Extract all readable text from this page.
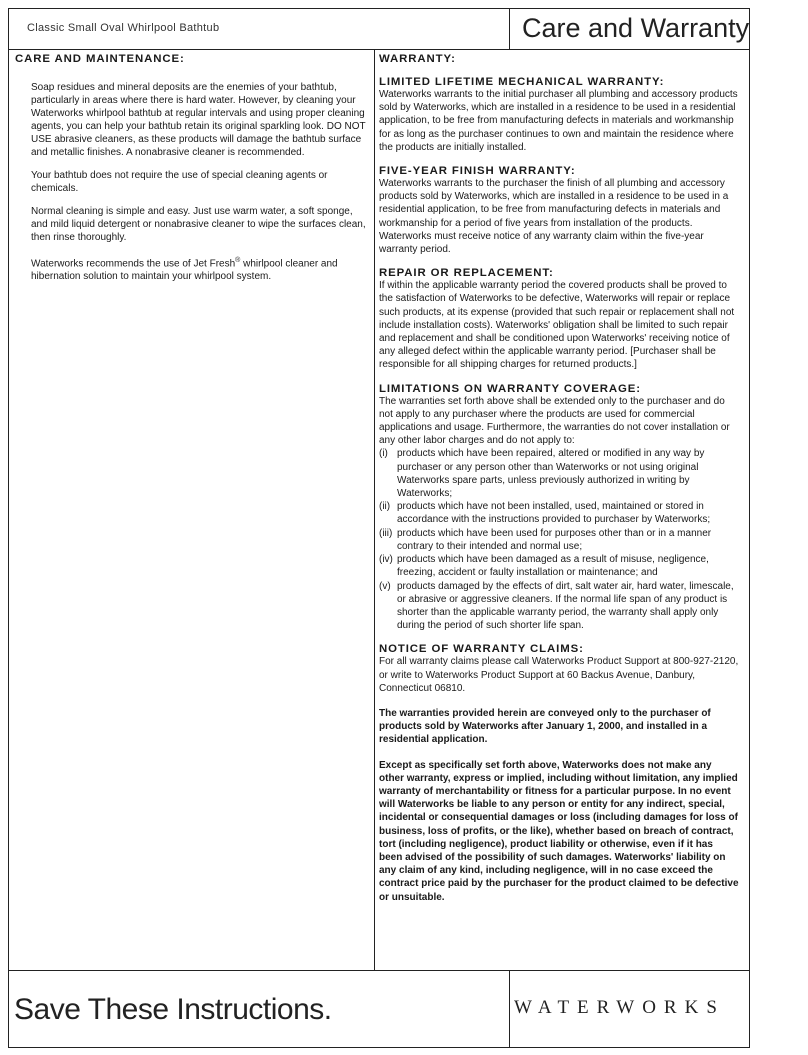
Classic Small Oval Whirlpool Bathtub	Care and Warranty
CARE AND MAINTENANCE:

Soap residues and mineral deposits are the enemies of your bathtub, particularly in areas where there is hard water. However, by cleaning your Waterworks whirlpool bathtub at regular intervals and using proper cleaning agents, you can help your bathtub retain its original sparkling look. DO NOT USE abrasive cleaners, as these products will damage the bathtub surface and metallic finishes. A nonabrasive cleaner is recommended.

Your bathtub does not require the use of special cleaning agents or chemicals.

Normal cleaning is simple and easy. Just use warm water, a soft sponge, and mild liquid detergent or nonabrasive cleaner to wipe the surfaces clean, then rinse thoroughly.

Waterworks recommends the use of Jet Fresh® whirlpool cleaner and hibernation solution to maintain your whirlpool system.

WARRANTY:
LIMITED LIFETIME MECHANICAL WARRANTY:

Waterworks warrants to the initial purchaser all plumbing and accessory products sold by Waterworks, which are installed in a residence to be used in a residential application, to be free from manufacturing defects in materials and workmanship for as long as the purchaser continues to own and maintain the residence where the products are initially installed.

FIVE-YEAR FINISH WARRANTY:

Waterworks warrants to the purchaser the finish of all plumbing and accessory products sold by Waterworks, which are installed in a residence to be used in a residential application, to be free from manufacturing defects in materials and workmanship for a period of five years from installation of the products. Waterworks must receive notice of any warranty claim within the five-year warranty period.

REPAIR OR REPLACEMENT:

If within the applicable warranty period the covered products shall be proved to the satisfaction of Waterworks to be defective, Waterworks will repair or replace such products, at its expense (provided that such repair or replacement shall not include installation costs). Waterworks' obligation shall be limited to such repair and replacement and shall be conditioned upon Waterworks' receiving notice of any alleged defect within the applicable warranty period. [Purchaser shall be responsible for all shipping charges for returned products.]

LIMITATIONS ON WARRANTY COVERAGE:

The warranties set forth above shall be extended only to the purchaser and do not apply to any purchaser where the products are used for commercial applications and usage. Furthermore, the warranties do not cover installation or any other labor charges and do not apply to:

(i) products which have been repaired, altered or modified in any way by purchaser or any person other than Waterworks or not using original Waterworks spare parts, unless previously authorized in writing by Waterworks;
(ii) products which have not been installed, used, maintained or stored in accordance with the instructions provided to purchaser by Waterworks;
(iii) products which have been used for purposes other than or in a manner contrary to their intended and normal use;
(iv) products which have been damaged as a result of misuse, negligence, freezing, accident or faulty installation or maintenance; and
(v) products damaged by the effects of dirt, salt water air, hard water, limescale, or abrasive or aggressive cleaners. If the normal life span of any product is shorter than the applicable warranty period, the warranty shall apply only during the period of such shorter life span.
NOTICE OF WARRANTY CLAIMS:

For all warranty claims please call Waterworks Product Support at 800-927-2120, or write to Waterworks Product Support at 60 Backus Avenue, Danbury, Connecticut 06810.

The warranties provided herein are conveyed only to the purchaser of products sold by Waterworks after January 1, 2000, and installed in a residential application.

Except as specifically set forth above, Waterworks does not make any other warranty, express or implied, including without limitation, any implied warranty of merchantability or fitness for a particular purpose. In no event will Waterworks be liable to any person or entity for any indirect, special, incidental or consequential damages or loss (including damages for loss of business, loss of profits, or the like), whether based on breach of contract, tort (including negligence), product liability or otherwise, even if it has been advised of the possibility of such damages. Waterworks' liability on any claim of any kind, including negligence, will in no case exceed the contract price paid by the purchaser for the product claimed to be defective or unsuitable.

Save These Instructions.	WATERWORKS
